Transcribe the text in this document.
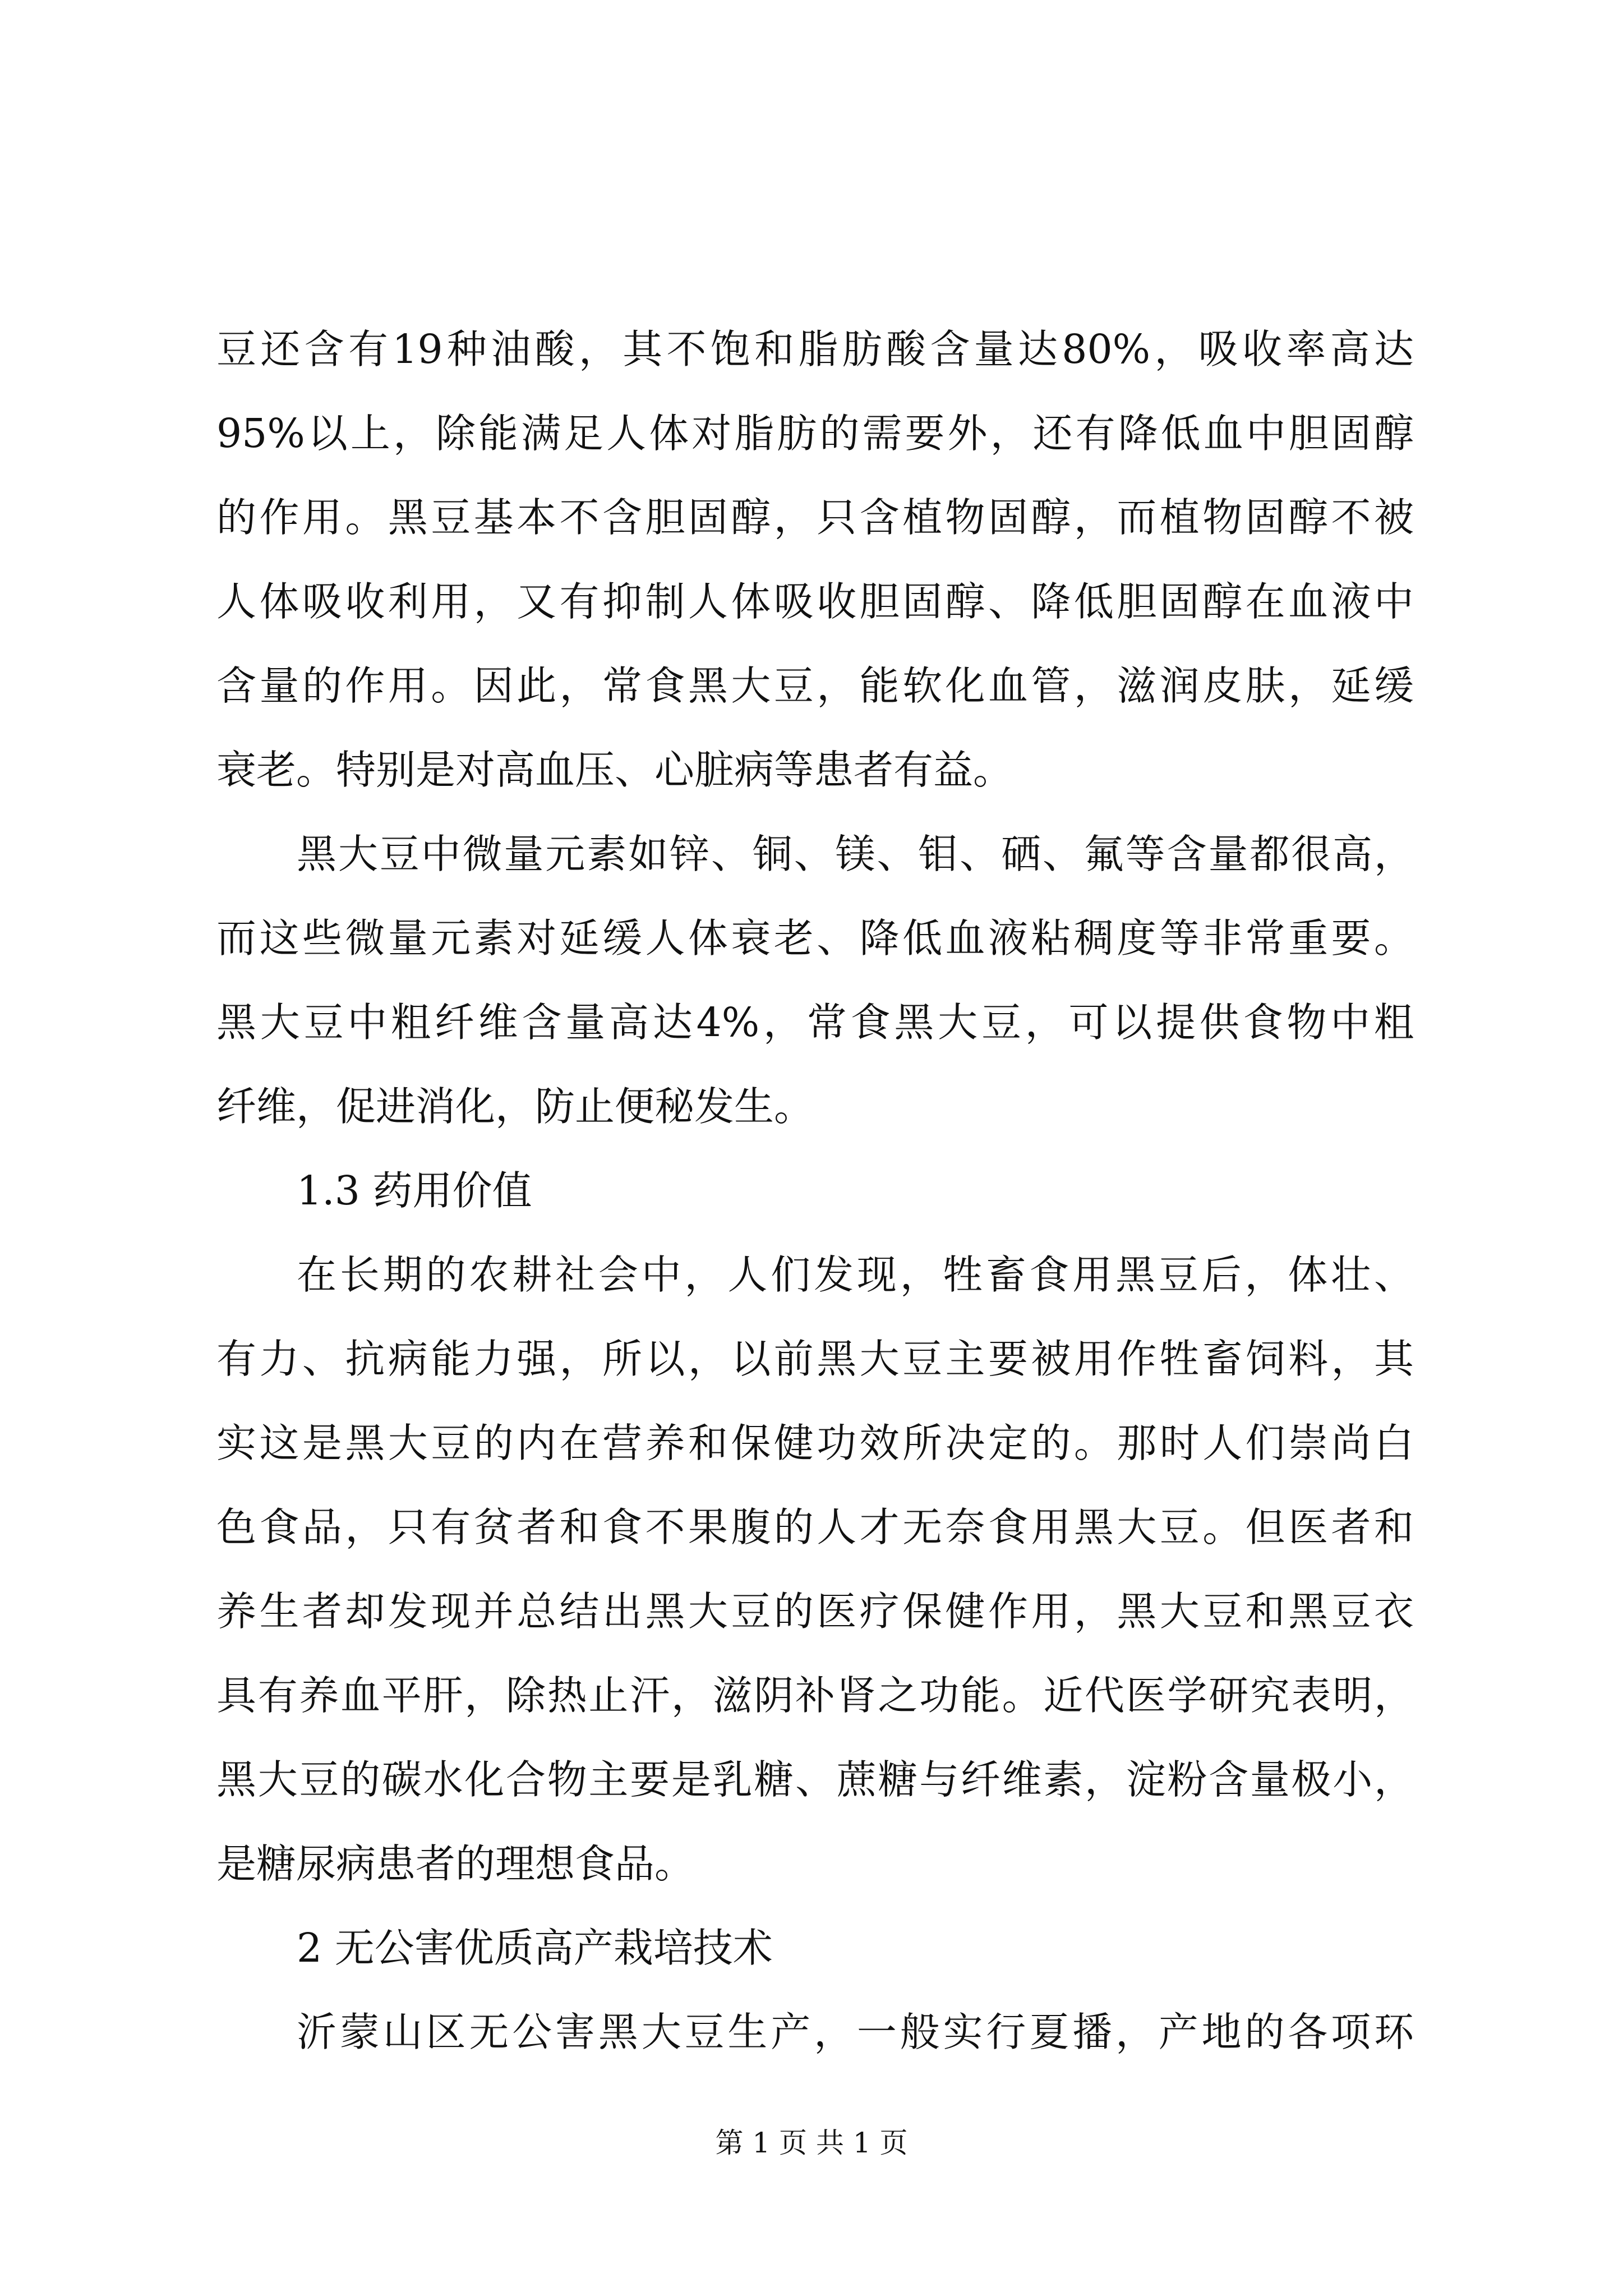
豆还含有19种油酸，其不饱和脂肪酸含量达80%，吸收率高达
95%以上，除能满足人体对脂肪的需要外，还有降低血中胆固醇
的作用。黑豆基本不含胆固醇，只含植物固醇，而植物固醇不被
人体吸收利用，又有抑制人体吸收胆固醇、降低胆固醇在血液中
含量的作用。因此，常食黑大豆，能软化血管，滋润皮肤，延缓
衰老。特别是对高血压、心脏病等患者有益。
黑大豆中微量元素如锌、铜、镁、钼、硒、氟等含量都很高，
而这些微量元素对延缓人体衰老、降低血液粘稠度等非常重要。
黑大豆中粗纤维含量高达4%，常食黑大豆，可以提供食物中粗
纤维，促进消化，防止便秘发生。
1.3 药用价值
在长期的农耕社会中，人们发现，牲畜食用黑豆后，体壮、
有力、抗病能力强，所以，以前黑大豆主要被用作牲畜饲料，其
实这是黑大豆的内在营养和保健功效所决定的。那时人们崇尚白
色食品，只有贫者和食不果腹的人才无奈食用黑大豆。但医者和
养生者却发现并总结出黑大豆的医疗保健作用，黑大豆和黑豆衣
具有养血平肝，除热止汗，滋阴补肾之功能。近代医学研究表明，
黑大豆的碳水化合物主要是乳糖、蔗糖与纤维素，淀粉含量极小，
是糖尿病患者的理想食品。
2 无公害优质高产栽培技术
沂蒙山区无公害黑大豆生产，一般实行夏播，产地的各项环
第 1 页 共 1 页
